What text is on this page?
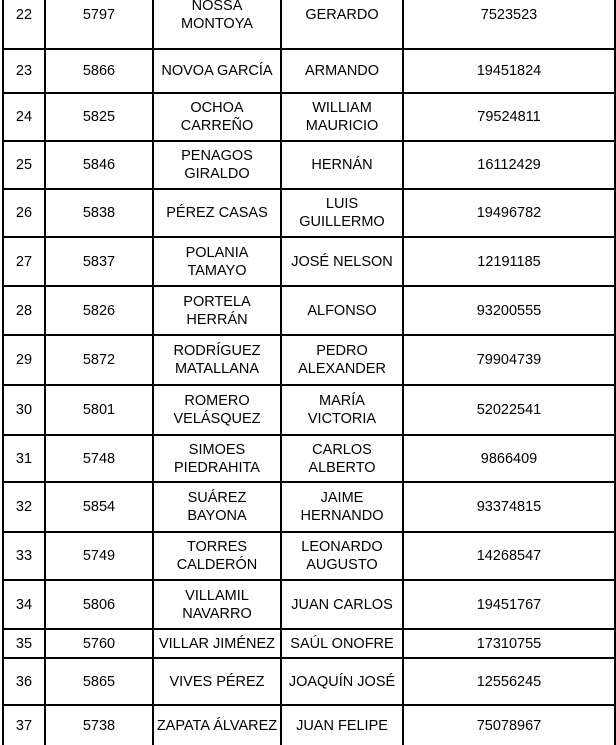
22	5797	NOSSA MONTOYA	GERARDO	7523523
23	5866	NOVOA GARCÍA	ARMANDO	19451824
24	5825	OCHOA CARREÑO	WILLIAM MAURICIO	79524811
25	5846	PENAGOS GIRALDO	HERNÁN	16112429
26	5838	PÉREZ CASAS	LUIS GUILLERMO	19496782
27	5837	POLANIA TAMAYO	JOSÉ NELSON	12191185
28	5826	PORTELA HERRÁN	ALFONSO	93200555
29	5872	RODRÍGUEZ MATALLANA	PEDRO ALEXANDER	79904739
30	5801	ROMERO VELÁSQUEZ	MARÍA VICTORIA	52022541
31	5748	SIMOES PIEDRAHITA	CARLOS ALBERTO	9866409
32	5854	SUÁREZ BAYONA	JAIME HERNANDO	93374815
33	5749	TORRES CALDERÓN	LEONARDO AUGUSTO	14268547
34	5806	VILLAMIL NAVARRO	JUAN CARLOS	19451767
35	5760	VILLAR JIMÉNEZ	SAÚL ONOFRE	17310755
36	5865	VIVES PÉREZ	JOAQUÍN JOSÉ	12556245
37	5738	ZAPATA ÁLVAREZ	JUAN FELIPE	75078967
